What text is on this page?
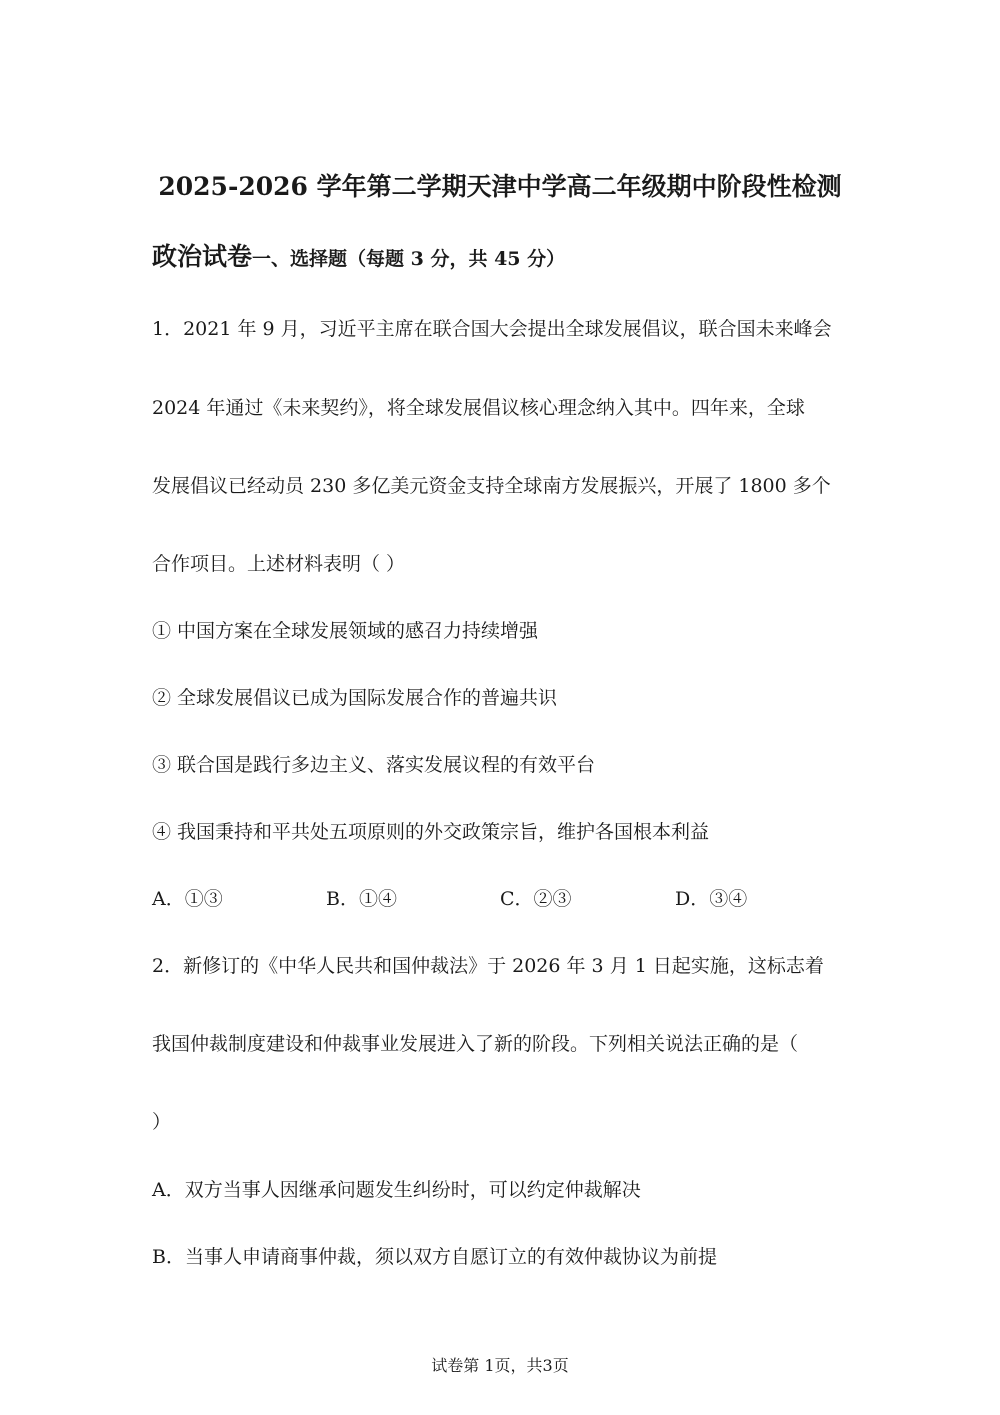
2025-2026 学年第二学期天津中学高二年级期中阶段性检测
政治试卷一、选择题（每题 3 分，共 45 分）
1．2021 年 9 月，习近平主席在联合国大会提出全球发展倡议，联合国未来峰会
2024 年通过《未来契约》，将全球发展倡议核心理念纳入其中。四年来，全球
发展倡议已经动员 230 多亿美元资金支持全球南方发展振兴，开展了 1800 多个
合作项目。上述材料表明（ ）
① 中国方案在全球发展领域的感召力持续增强
② 全球发展倡议已成为国际发展合作的普遍共识
③ 联合国是践行多边主义、落实发展议程的有效平台
④ 我国秉持和平共处五项原则的外交政策宗旨，维护各国根本利益
A．①③	B．①④	C．②③	D．③④
2．新修订的《中华人民共和国仲裁法》于 2026 年 3 月 1 日起实施，这标志着
我国仲裁制度建设和仲裁事业发展进入了新的阶段。下列相关说法正确的是（
）
A．双方当事人因继承问题发生纠纷时，可以约定仲裁解决
B．当事人申请商事仲裁，须以双方自愿订立的有效仲裁协议为前提
试卷第 1页，共3页
